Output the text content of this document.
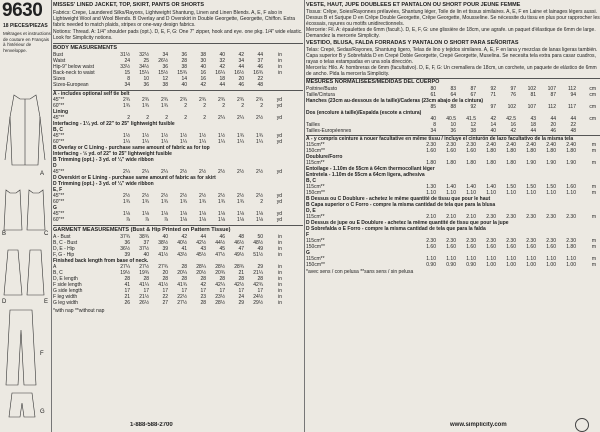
9630
18 PIECES/PIEZAS
Métrages et instructions de couture en Français à l'intérieur de l'enveloppe.
A
B	C
D	E
F
G
MISSES' LINED JACKET, TOP, SKIRT, PANTS OR SHORTS
Fabrics: Crepe, Laundered Silks/Rayons, Lightweight Shantung, Linen and Linen Blends. A, E, F also in Lightweight Wool and Wool Blends. B Overlay and D Overskirt in Double Georgette, Georgette, Chiffon. Extra fabric needed to match plaids, stripes or one-way design fabrics.
Notions: Thread. A: 1/4" shoulder pads (opt.). D, E, F, G: One 7" zipper, hook and eye. one pkg. 1/4" wide elastic. Look for Simplicity notions.
BODY MEASUREMENTS
Bust	31½	32½	34	36	38	40	42	44	in
Waist	24	25	26½	28	30	32	34	37	in
Hip-9" below waist	33½	34½	36	38	40	42	44	46	in
Back-neck to waist	15	15¼	15½	15¾	16	16¼	16½	16¾	in
Sizes	8	10	12	14	16	18	20	22
Sizes-European	34	36	38	40	42	44	46	48
A - includes optional self tie belt
45"**	2¾	2¾	2¾	2¾	2¾	2¾	2¾	2¾	yd
60"**	1¾	1¾	1¾	2	2	2	2	2	yd
Lining
45"**	2	2	2	2	2	2¼	2¼	2½	yd
Interfacing - 1¼ yd. of 22" to 25" lightweight fusible
B, C
45"**	1½	1½	1½	1½	1½	1½	1¾	1¾	yd
60"**	1¼	1¼	1¼	1¼	1¼	1¼	1¼	1¼	yd
B Overlay or C Lining - purchase same amount of fabric as for top
Interfacing - ½ yd. of 22" to 25" lightweight fusible
B Trimming (opt.) - 3 yd. of ¼" wide ribbon
D
45"**	2¼	2¼	2¼	2½	2½	2½	2½	2½	yd
D Overskirt or E Lining - purchase same amount of fabric as for skirt
D Trimming (opt.) - 3 yd. of ¼" wide ribbon
E, F
45"**	2½	2½	2½	2½	2½	2½	2½	2½	yd
60"**	1¾	1¾	1¾	1¾	1¾	1¾	1¾	2	yd
G
45"**	1⅛	1⅛	1⅛	1⅛	1⅛	1⅛	1⅛	1⅛	yd
60"**	⅞	⅞	⅞	1⅛	1⅛	1⅛	1⅛	1⅛	yd
GARMENT MEASUREMENTS (Bust & Hip Printed on Pattern Tissue)
A - Bust	37¾	38¾	40	42	44	46	48	50	in
B, C - Bust	36	37	38½	40½	42½	44½	46½	48½	in
D, E - Hip	36½	37½	39	41	43	45	47	49	in
F, G - Hip	39	40	41½	43½	45½	47½	49½	51½	in
Finished back length from base of neck.
A	27¼	27½	27¾	28	28¼	28½	28¾	29	in
B, C	19½	19¾	20	20¼	20½	20¾	21	21¼	in
D, E length	28	28	28	28	28	28	28	28	in
F side length	41	41¼	41½	41¾	42	42¼	42½	42¾	in
G side length	17	17	17	17	17	17	17	17	in
F leg width	21	21½	22	22½	23	23½	24	24½	in
G leg width	26	26½	27	27½	28	28½	29	29½	in
*with nap **without nap
VESTE, HAUT, JUPE DOUBLEES ET PANTALON OU SHORT POUR JEUNE FEMME
Tissus: Crêpe, Soies/Rayonnes prélavées, Shantung léger, Toile de lin et tissus similaires. A, E, F en Laine et lainages légers aussi. Dessus B et Surjupe D en Crêpe Double Georgette, Crêpe Georgette, Mousseline. Se nécessite du tissu en plus pour rapprocher les écossais, rayures ou motifs unidirectionnels.
Mercerie: Fil. A: épaulettes de 6mm (facult.). D, E, F, G: une glissière de 18cm, une agrafe. un paquet d'élastique de 6mm de large. Demandez la mercerie Simplicity.
VESTIDO, BLUSA, FALDA FORRADAS Y PANTALON O SHORT PARA SEÑORITAS
Telas: Crepé, Sedas/Rayones, Shantung ligero, Telas de lino y tejidos similares. A, E, F en lana y mezclas de lanas ligeras también. Capa superior B y Sobrefalda D en Crepé Doble Georgette, Crepé Georgette, Muselina. Se necesita tela extra para casar cuadros, rayas o telas estampadas en una sola dirección.
Mercería: Hilo. A: hombreras de 6mm (facultativo). D, E, F, G: Un cremallera de 18cm, un corchete, un paquete de elástico de 6mm de ancho. Pida la mercería Simplicity.
MESURES NORMALISÉES/MEDIDAS DEL CUERPO
Poitrine/Busto	80	83	87	92	97	102	107	112	cm
Taille/Cintura	61	64	67	71	76	81	87	94	cm
Hanches (23cm au-dessous de la taille)/Caderas (23cm abajo de la cintura)
85	88	92	97	102	107	112	117	cm
Dos (encolure à taille)/Espalda (escote a cintura)
40	40.5	41.5	42	42.5	43	44	44	cm
Tailles	8	10	12	14	16	18	20	22
Tailles-Européennes	34	36	38	40	42	44	46	48
A - y compris ceinture à nouer facultative en même tissu / incluye el cinturón de lazo facultativo de la misma tela
115cm**	2.30	2.30	2.30	2.40	2.40	2.40	2.40	2.40	m
150cm**	1.60	1.60	1.60	1.80	1.80	1.80	1.80	1.80	m
Doublure/Forro
115cm**	1.80	1.80	1.80	1.80	1.80	1.90	1.90	1.90	m
Entoilage - 1.10m de 55cm à 64cm thermocollant léger
Entretela - 1.10m de 55cm a 64cm ligera, adhesiva
B, C
115cm**	1.30	1.40	1.40	1.40	1.50	1.50	1.50	1.60	m
150cm**	1.10	1.10	1.10	1.10	1.10	1.10	1.10	1.10	m
B Dessus ou C Doublure - achetez le même quantité de tissu que pour le haut
B Capa superior o C Forro - compre la misma cantidad de tela que para la blusa
D, E
115cm**	2.10	2.10	2.10	2.30	2.30	2.30	2.30	2.30	m
D Dessus de jupe ou E Doublure - achetez la même quantité de tissu que pour la jupe
D Sobrefalda o E Forro - compre la misma cantidad de tela que para la falda
F
115cm**	2.30	2.30	2.30	2.30	2.30	2.30	2.30	2.30	m
150cm**	1.60	1.60	1.60	1.60	1.60	1.60	1.60	1.80	m
G
115cm**	1.10	1.10	1.10	1.10	1.10	1.10	1.10	1.10	m
150cm**	0.90	0.90	0.90	1.00	1.00	1.00	1.00	1.00	m
*avec sens / con pelusa **sans sens / sin pelusa
1-888-588-2700	www.simplicity.com
